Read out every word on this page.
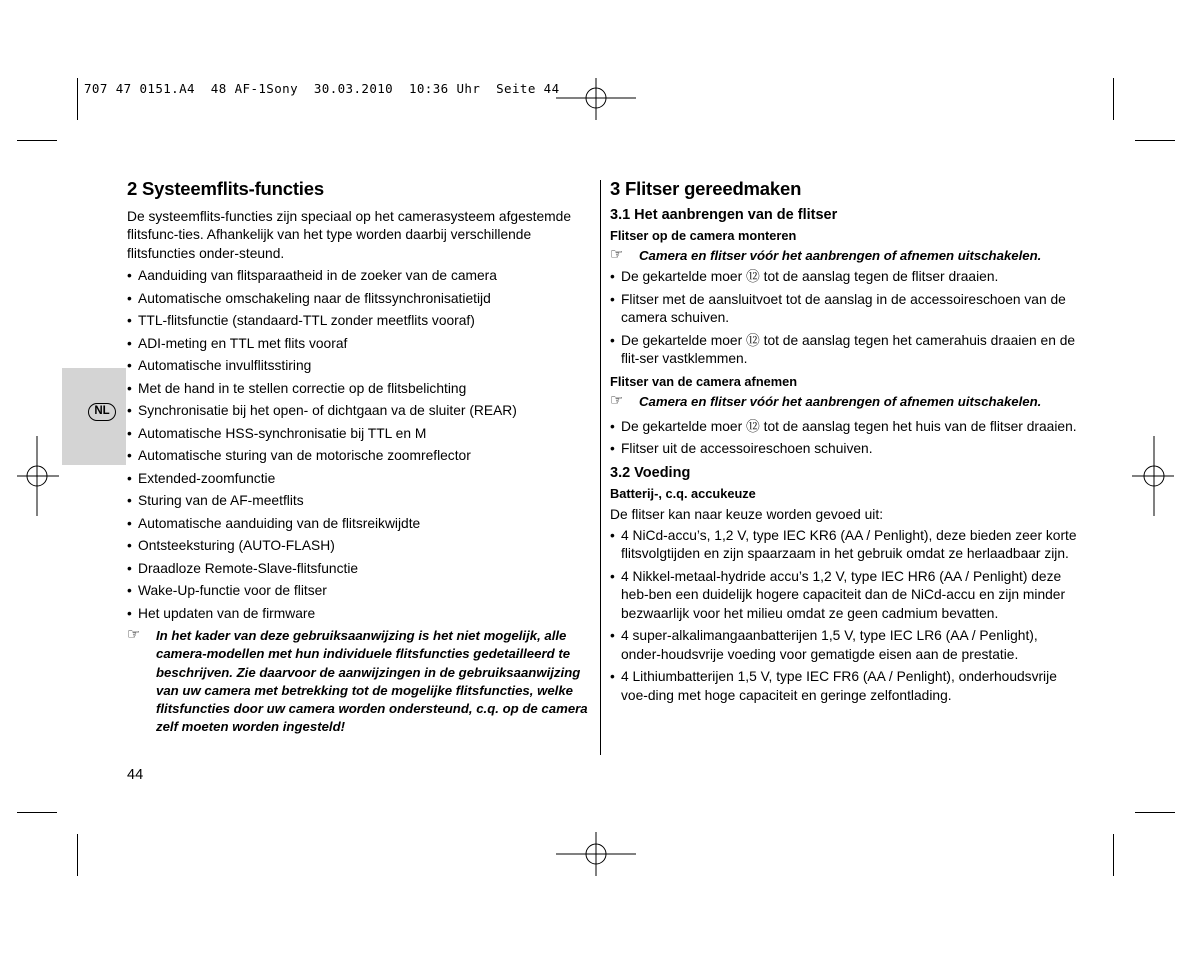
707 47 0151.A4  48 AF-1Sony  30.03.2010  10:36 Uhr  Seite 44
NL
2 Systeemflits-functies

De systeemflits-functies zijn speciaal op het camerasysteem afgestemde flitsfunc-ties. Afhankelijk van het type worden daarbij verschillende flitsfuncties onder-steund.

• Aanduiding van flitsparaatheid in de zoeker van de camera
• Automatische omschakeling naar de flitssynchronisatietijd
• TTL-flitsfunctie (standaard-TTL zonder meetflits vooraf)
• ADI-meting en TTL met flits vooraf
• Automatische invulflitsstiring
• Met de hand in te stellen correctie op de flitsbelichting
• Synchronisatie bij het open- of dichtgaan va de sluiter (REAR)
• Automatische HSS-synchronisatie bij TTL en M
• Automatische sturing van de motorische zoomreflector
• Extended-zoomfunctie
• Sturing van de AF-meetflits
• Automatische aanduiding van de flitsreikwijdte
• Ontsteeksturing (AUTO-FLASH)
• Draadloze Remote-Slave-flitsfunctie
• Wake-Up-functie voor de flitser
• Het updaten van de firmware
☞ In het kader van deze gebruiksaanwijzing is het niet mogelijk, alle camera-modellen met hun individuele flitsfuncties gedetailleerd te beschrijven. Zie daarvoor de aanwijzingen in de gebruiksaanwijzing van uw camera met betrekking tot de mogelijke flitsfuncties, welke flitsfuncties door uw camera worden ondersteund, c.q. op de camera zelf moeten worden ingesteld!
3 Flitser gereedmaken
3.1 Het aanbrengen van de flitser
Flitser op de camera monteren
☞ Camera en flitser vóór het aanbrengen of afnemen uitschakelen.
• De gekartelde moer ⑫ tot de aanslag tegen de flitser draaien.
• Flitser met de aansluitvoet tot de aanslag in de accessoireschoen van de camera schuiven.
• De gekartelde moer ⑫ tot de aanslag tegen het camerahuis draaien en de flit-ser vastklemmen.
Flitser van de camera afnemen
☞ Camera en flitser vóór het aanbrengen of afnemen uitschakelen.
• De gekartelde moer ⑫ tot de aanslag tegen het huis van de flitser draaien.
• Flitser uit de accessoireschoen schuiven.
3.2 Voeding
Batterij-, c.q. accukeuze

De flitser kan naar keuze worden gevoed uit:

• 4 NiCd-accu’s, 1,2 V, type IEC KR6 (AA / Penlight), deze bieden zeer korte flitsvolgtijden en zijn spaarzaam in het gebruik omdat ze herlaadbaar zijn.
• 4 Nikkel-metaal-hydride accu’s 1,2 V, type IEC HR6 (AA / Penlight) deze heb-ben een duidelijk hogere capaciteit dan de NiCd-accu en zijn minder bezwaarlijk voor het milieu omdat ze geen cadmium bevatten.
• 4 super-alkalimangaanbatterijen 1,5 V, type IEC LR6 (AA / Penlight), onder-houdsvrije voeding voor gematigde eisen aan de prestatie.
• 4 Lithiumbatterijen 1,5 V, type IEC FR6 (AA / Penlight), onderhoudsvrije voe-ding met hoge capaciteit en geringe zelfontlading.
44
